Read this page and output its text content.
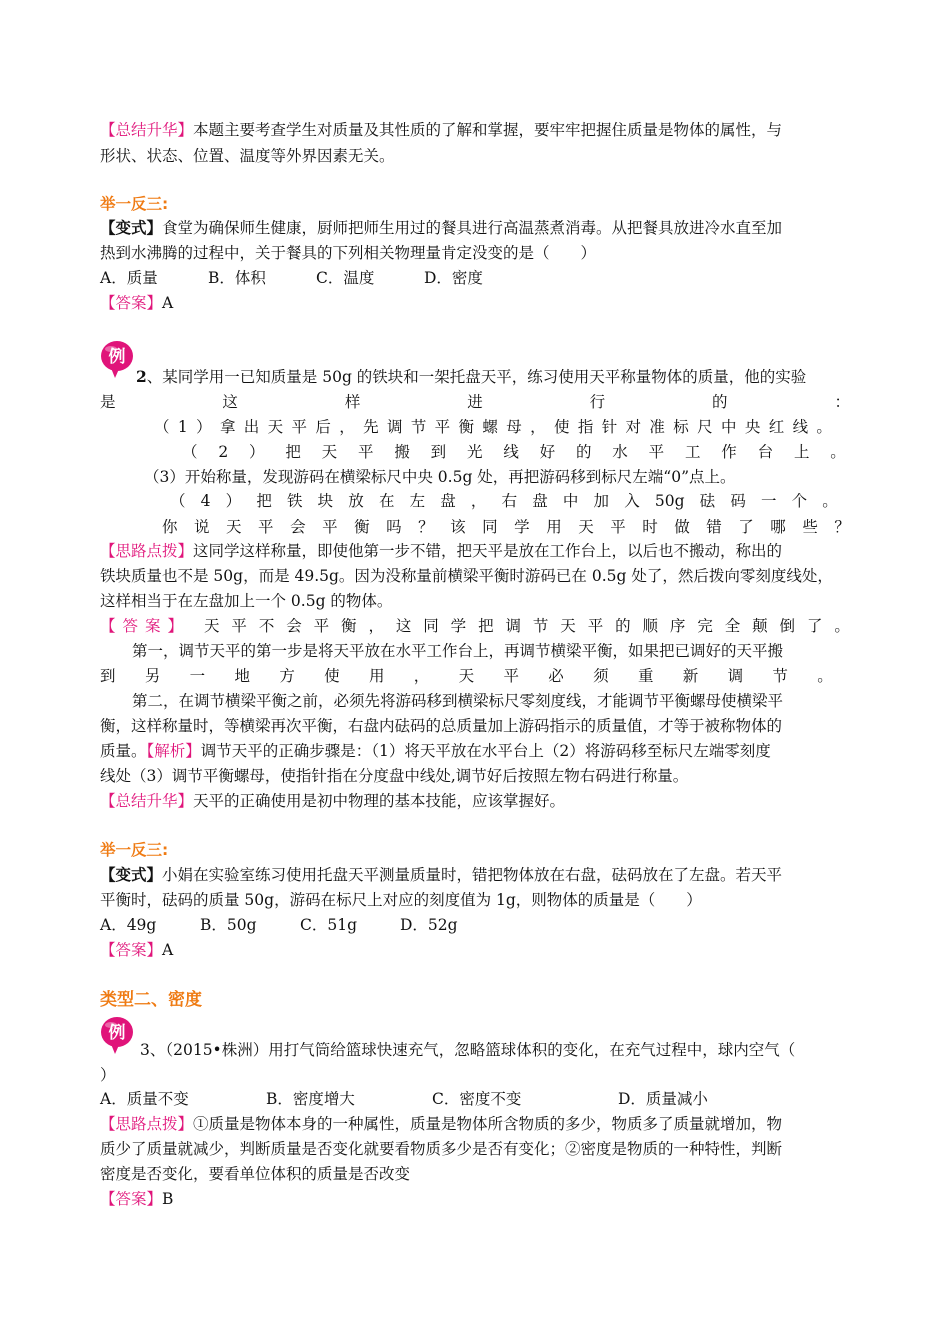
【总结升华】本题主要考查学生对质量及其性质的了解和掌握，要牢牢把握住质量是物体的属性，与
形状、状态、位置、温度等外界因素无关。
举一反三:
【变式】食堂为确保师生健康，厨师把师生用过的餐具进行高温蒸煮消毒。从把餐具放进冷水直至加
热到水沸腾的过程中，关于餐具的下列相关物理量肯定没变的是（　　）
A．质量	B．体积	C．温度	D．密度
【答案】A
例
2、某同学用一已知质量是 50g 的铁块和一架托盘天平，练习使用天平称量物体的质量，他的实验
是	这	样	进	行	的	：
（ 1 ） 拿 出 天 平 后 ， 先 调 节 平 衡 螺 母 ， 使 指 针 对 准 标 尺 中 央 红 线 。
（ 2 ） 把 天 平 搬 到 光 线 好 的 水 平 工 作 台 上 。
（3）开始称量，发现游码在横梁标尺中央 0.5g 处，再把游码移到标尺左端“0”点上。
（ 4 ） 把 铁 块 放 在 左 盘 ， 右 盘 中 加 入 50g 砝 码 一 个 。
你 说 天 平 会 平 衡 吗 ？ 该 同 学 用 天 平 时 做 错 了 哪 些 ？
【思路点拨】这同学这样称量，即使他第一步不错，把天平是放在工作台上，以后也不搬动，称出的
铁块质量也不是 50g，而是 49.5g。因为没称量前横梁平衡时游码已在 0.5g 处了，然后拨向零刻度线处，
这样相当于在左盘加上一个 0.5g 的物体。
【答案】 天 平 不 会 平 衡 ， 这 同 学 把 调 节 天 平 的 顺 序 完 全 颠 倒 了 。
第一，调节天平的第一步是将天平放在水平工作台上，再调节横梁平衡，如果把已调好的天平搬
到 另 一 地 方 使 用 ， 天 平 必 须 重 新 调 节 。
第二，在调节横梁平衡之前，必须先将游码移到横梁标尺零刻度线，才能调节平衡螺母使横梁平
衡，这样称量时，等横梁再次平衡，右盘内砝码的总质量加上游码指示的质量值，才等于被称物体的
质量。【解析】调节天平的正确步骤是：（1）将天平放在水平台上（2）将游码移至标尺左端零刻度
线处（3）调节平衡螺母，使指针指在分度盘中线处,调节好后按照左物右码进行称量。
【总结升华】天平的正确使用是初中物理的基本技能，应该掌握好。
举一反三:
【变式】小娟在实验室练习使用托盘天平测量质量时，错把物体放在右盘，砝码放在了左盘。若天平
平衡时，砝码的质量 50g，游码在标尺上对应的刻度值为 1g，则物体的质量是（　　）
A．49g	B．50g	C．51g	D．52g
【答案】A
类型二、密度
例
3、（2015•株洲）用打气筒给篮球快速充气，忽略篮球体积的变化，在充气过程中，球内空气（
）
A．质量不变	B．密度增大	C．密度不变	D．质量减小
【思路点拨】①质量是物体本身的一种属性，质量是物体所含物质的多少，物质多了质量就增加，物
质少了质量就减少，判断质量是否变化就要看物质多少是否有变化；②密度是物质的一种特性，判断
密度是否变化，要看单位体积的质量是否改变
【答案】B
